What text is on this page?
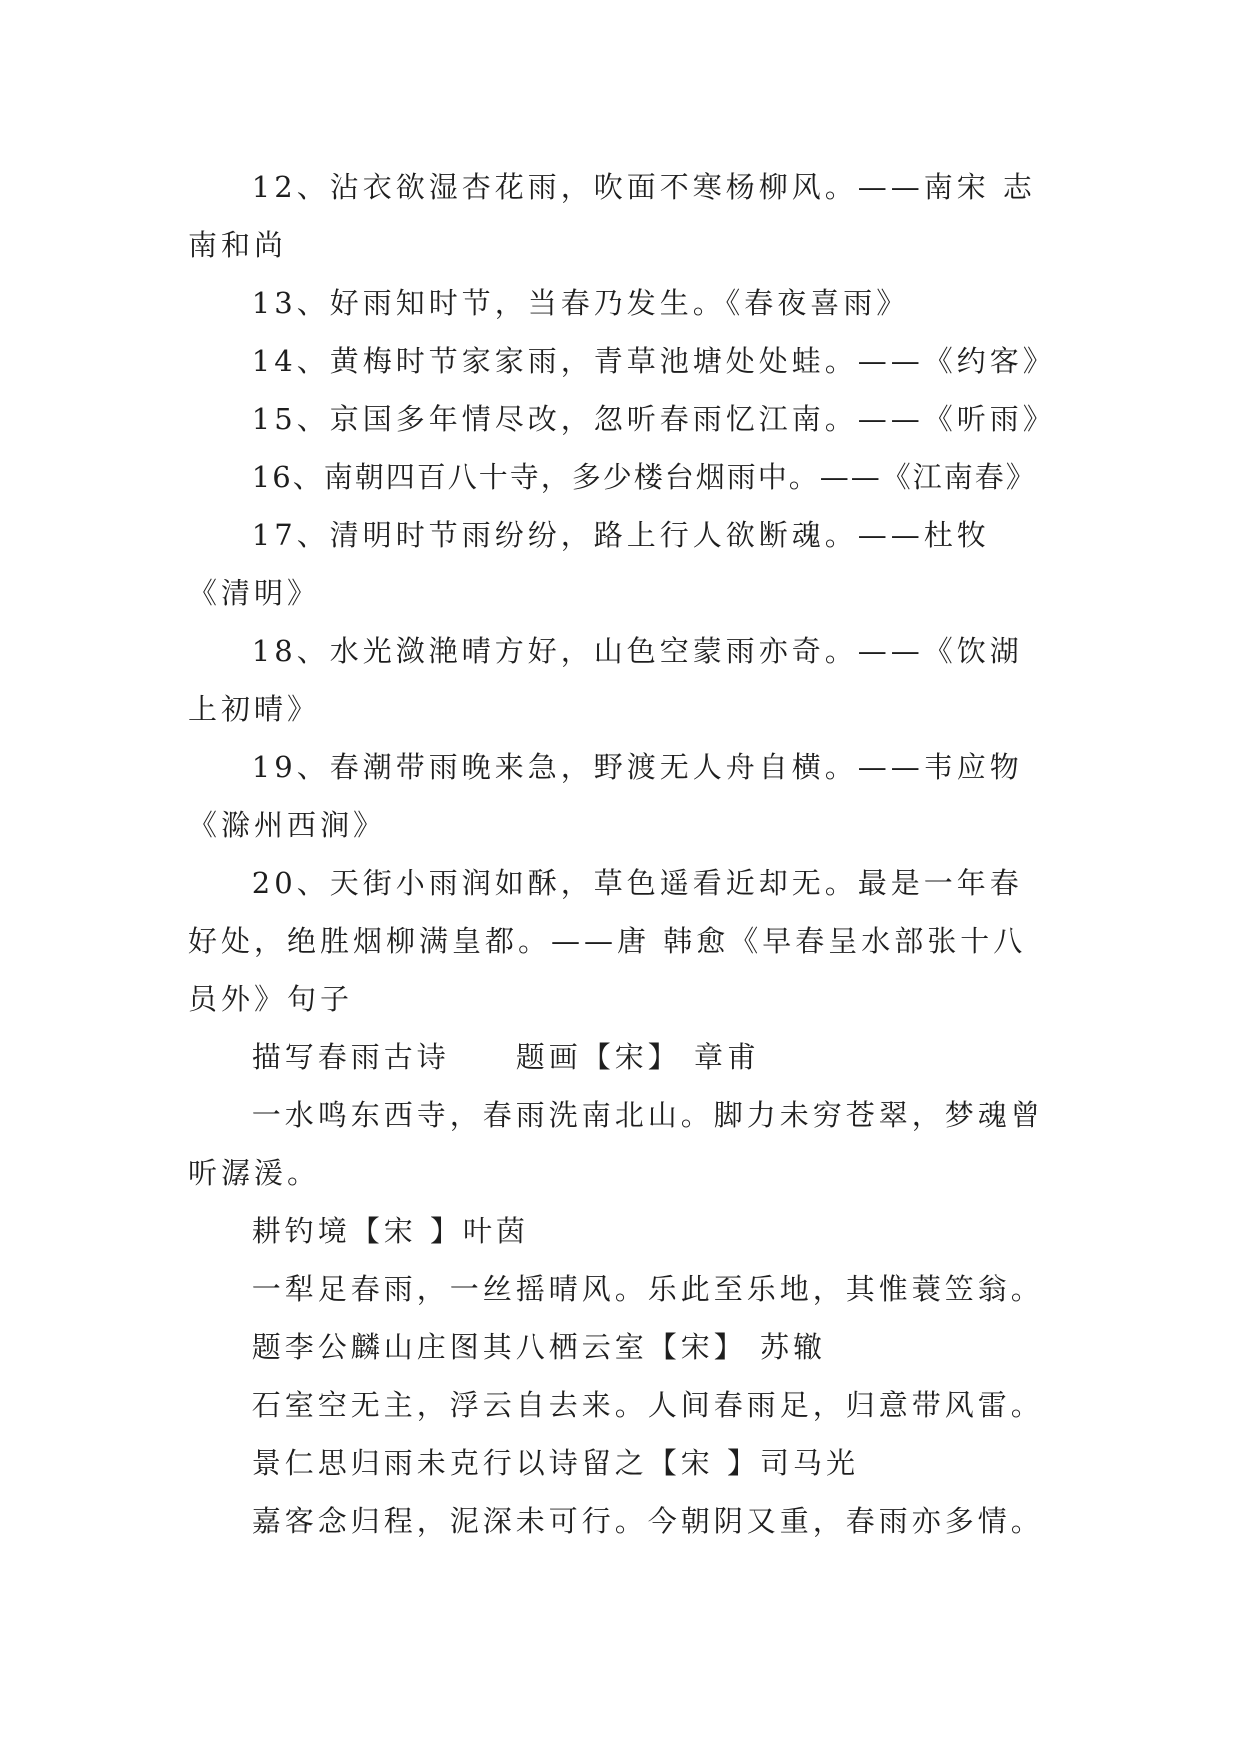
12、沾衣欲湿杏花雨，吹面不寒杨柳风。——南宋 志南和尚

13、好雨知时节，当春乃发生。《春夜喜雨》

14、黄梅时节家家雨，青草池塘处处蛙。——《约客》

15、京国多年情尽改，忽听春雨忆江南。——《听雨》

16、南朝四百八十寺，多少楼台烟雨中。——《江南春》

17、清明时节雨纷纷，路上行人欲断魂。——杜牧《清明》

18、水光潋滟晴方好，山色空蒙雨亦奇。——《饮湖上初晴》

19、春潮带雨晚来急，野渡无人舟自横。——韦应物《滁州西涧》

20、天街小雨润如酥，草色遥看近却无。最是一年春好处，绝胜烟柳满皇都。——唐 韩愈《早春呈水部张十八员外》句子

描写春雨古诗　　题画【宋】 章甫

一水鸣东西寺，春雨洗南北山。脚力未穷苍翠，梦魂曾听潺湲。

耕钓境【宋 】叶茵

一犁足春雨，一丝摇晴风。乐此至乐地，其惟蓑笠翁。

题李公麟山庄图其八栖云室【宋】 苏辙

石室空无主，浮云自去来。人间春雨足，归意带风雷。

景仁思归雨未克行以诗留之【宋 】司马光

嘉客念归程，泥深未可行。今朝阴又重，春雨亦多情。
